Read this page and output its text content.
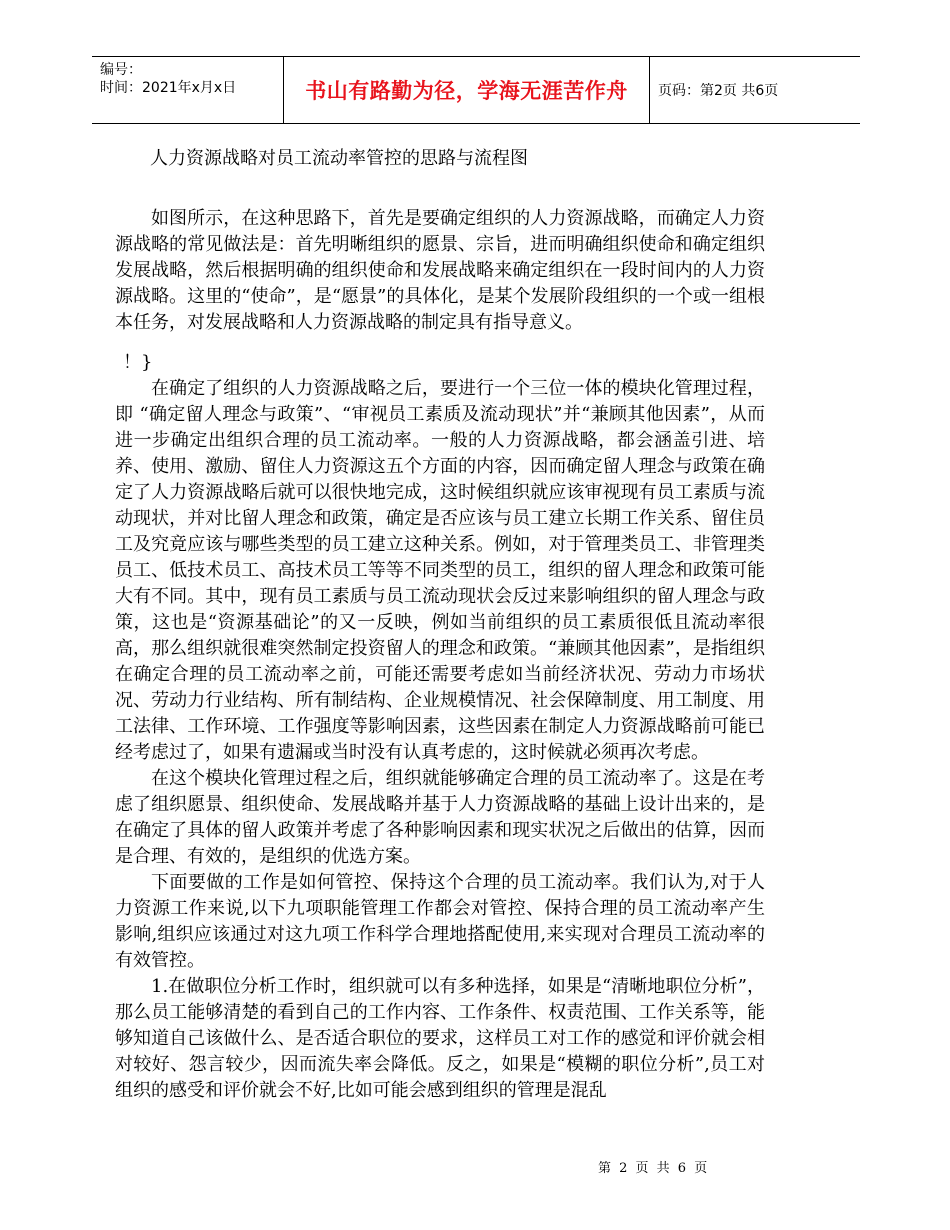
编号：
时间：2021年x月x日	书山有路勤为径，学海无涯苦作舟	页码：第2页 共6页
人力资源战略对员工流动率管控的思路与流程图

如图所示，在这种思路下，首先是要确定组织的人力资源战略，而确定人力资源战略的常见做法是：首先明晰组织的愿景、宗旨，进而明确组织使命和确定组织发展战略，然后根据明确的组织使命和发展战略来确定组织在一段时间内的人力资源战略。这里的“使命”，是“愿景”的具体化，是某个发展阶段组织的一个或一组根本任务，对发展战略和人力资源战略的制定具有指导意义。

！}

在确定了组织的人力资源战略之后，要进行一个三位一体的模块化管理过程，即 “确定留人理念与政策”、“审视员工素质及流动现状”并“兼顾其他因素”，从而进一步确定出组织合理的员工流动率。一般的人力资源战略，都会涵盖引进、培养、使用、激励、留住人力资源这五个方面的内容，因而确定留人理念与政策在确定了人力资源战略后就可以很快地完成，这时候组织就应该审视现有员工素质与流动现状，并对比留人理念和政策，确定是否应该与员工建立长期工作关系、留住员工及究竟应该与哪些类型的员工建立这种关系。例如，对于管理类员工、非管理类员工、低技术员工、高技术员工等等不同类型的员工，组织的留人理念和政策可能大有不同。其中，现有员工素质与员工流动现状会反过来影响组织的留人理念与政策，这也是“资源基础论”的又一反映，例如当前组织的员工素质很低且流动率很高，那么组织就很难突然制定投资留人的理念和政策。“兼顾其他因素”，是指组织在确定合理的员工流动率之前，可能还需要考虑如当前经济状况、劳动力市场状况、劳动力行业结构、所有制结构、企业规模情况、社会保障制度、用工制度、用工法律、工作环境、工作强度等影响因素，这些因素在制定人力资源战略前可能已经考虑过了，如果有遗漏或当时没有认真考虑的，这时候就必须再次考虑。

在这个模块化管理过程之后，组织就能够确定合理的员工流动率了。这是在考虑了组织愿景、组织使命、发展战略并基于人力资源战略的基础上设计出来的，是在确定了具体的留人政策并考虑了各种影响因素和现实状况之后做出的估算，因而是合理、有效的，是组织的优选方案。

下面要做的工作是如何管控、保持这个合理的员工流动率。我们认为,对于人力资源工作来说,以下九项职能管理工作都会对管控、保持合理的员工流动率产生影响,组织应该通过对这九项工作科学合理地搭配使用,来实现对合理员工流动率的有效管控。

1.在做职位分析工作时，组织就可以有多种选择，如果是“清晰地职位分析”，那么员工能够清楚的看到自己的工作内容、工作条件、权责范围、工作关系等，能够知道自己该做什么、是否适合职位的要求，这样员工对工作的感觉和评价就会相对较好、怨言较少，因而流失率会降低。反之，如果是“模糊的职位分析”,员工对组织的感受和评价就会不好,比如可能会感到组织的管理是混乱

第 2 页 共 6 页
